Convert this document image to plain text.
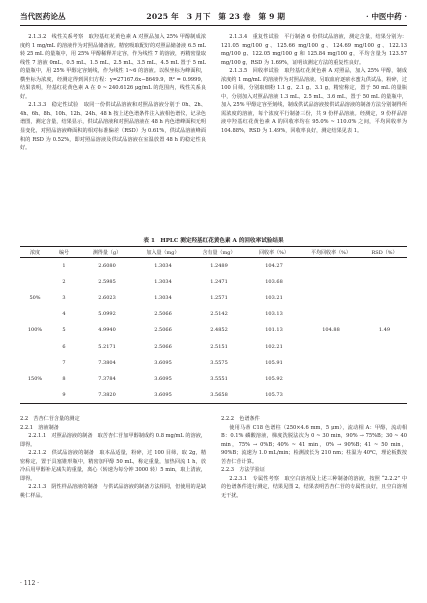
当代医药论丛	2025 年　3 月下　第 23 卷　第 9 期	· 中医中药 ·

2.1.3.2　线性关系考察　取羟基红花黄色素 A 对照品加入 25% 甲醇制成浓度约 1 mg/mL 的溶液作为对照品储备液。精密吸取配好的对照品储备液 6.5 mL 转 25 mL 的量瓶中，用 25% 甲醇稀释并定容，作为线性 7 的溶液，再精密量取线性 7 溶液 0mL、0.5 mL、1.5 mL、2.5 mL、3.5 mL、4.5 mL 置于 5 mL 的量瓶中，用 25% 甲醇定容刻线，作为线性 1~6 的溶液。以纵坐标为峰面积，横坐标为浓度，经测定得到回归方程：y=27167.6x−8649.9，R² = 0.9999，结果表明，羟基红花黄色素 A 在 0 ~ 240.6126 μg/mL 的范围内，线性关系良好。

2.1.3.3　稳定性试验　取同一份供试品溶液和对照品溶液分别于 0h、2h、4h、6h、8h、10h、12h、24h、48 h 按上述色谱条件注入液相色谱仪，记录色谱图，测定含量，结果显示，供试品溶液和对照品溶液在 48 h 内色谱峰面积无明显变化，对照品溶液峰面积的相对标准偏差（RSD）为 0.61%，供试品溶液峰面积的 RSD 为 0.52%，即对照品溶液及供试品溶液在室温放置 48 h 的稳定性良好。

2.1.3.4　重复性试验　平行制备 6 份供试品溶液，测定含量，结果分别为：121.05 mg/100 g、125.66 mg/100 g、124.69 mg/100 g、122.13 mg/100 g、122.05 mg/100 g 和 125.84 mg/100 g，平均含量为 123.57 mg/100 g，RSD 为 1.69%，证明该测定方法的重复性良好。

2.1.3.5　回收率试验　取羟基红花黄色素 A 对照品，加入 25% 甲醇，制成浓度约 1 mg/mL 的溶液作为对照品溶液。另取血府逐瘀水蜜丸供试品，粉碎，过 100 目筛，分别取细粉 1.1 g、2.1 g、3.1 g，精密称定，置于 50 mL 的量瓶中，分别加入对照品溶液 1.3 mL、2.5 mL、3.6 mL，置于 50 mL 的量瓶中，加入 25% 甲醇定容至刻线，制成供试品溶液按供试品溶液的制备方法分别制得所需浓度的溶液，每个浓度平行制备三份，共 9 份样品溶液。经测定，9 份样品溶液中羟基红花黄色素 A 的回收率均在 95.0% ~ 110.0% 之间，平均回收率为 104.88%，RSD 为 1.49%，回收率良好，测定结果见表 1。

表 1　HPLC 测定羟基红花黄色素 A 的回收率试验结果
浓度	编号	测得量（g）	加入量（mg）	含有量（mg）	回收率（%）	平均回收率（%）	RSD（%）
	1	2.6080	1.3034	1.2489	104.27		
	2	2.5985	1.3034	1.2471	103.68		
50%	3	2.6023	1.3034	1.2571	103.21		
	4	5.0992	2.5066	2.5142	103.13		
100%	5	4.9940	2.5066	2.4852	101.13	104.88	1.49
	6	5.2171	2.5066	2.5151	102.21		
	7	7.3804	3.6095	3.5575	105.91		
150%	8	7.3784	3.6095	3.5551	105.92		
	9	7.3820	3.6095	3.5658	105.73		

2.2　苦杏仁苷含量的测定

2.2.1　溶液制备

2.2.1.1　对照品溶液的制备　取苦杏仁苷加甲醇制成约 0.8 mg/mL 的溶液，即得。

2.2.1.2　供试品溶液的制备　取本品适量，粉碎，过 100 目筛，取 2g，精密称定，置于具塞锥形瓶中，精密加甲醇 50 mL，称定重量，加热回流 1 h，放冷后用甲醇补足减失的重量，离心（转速为每分钟 3000 转）5 min，取上清液，即得。

2.2.1.3　阴性样品溶液的制备　与供试品溶液的制备方法相同，但使用的是缺桃仁样品。

2.2.2　色谱条件

使用马蒂 C18 色谱柱（250×4.6 mm，5 μm），流动相 A：甲醇，流动相 B：0.1% 磷酸溶液，梯度洗脱法次为 0 ~ 30 min，90% → 75%B；30 ~ 40 min，75% → 0%B；40% ~ 41 min，0% → 90%B；41 ~ 50 min，90%B；流速为 1.0 mL/min；检测波长为 210 nm；柱温为 40℃，理论板数按苦杏仁苷计算。

2.2.3　方法学验证

2.2.3.1　专属性考察　取空白溶剂及上述三种制备的溶液，按照 “2.2.2” 中的色谱条件进行测定，结果见图 2。结果表明苦杏仁苷的专属性良好，且空白溶剂无干扰。

· 112 ·
